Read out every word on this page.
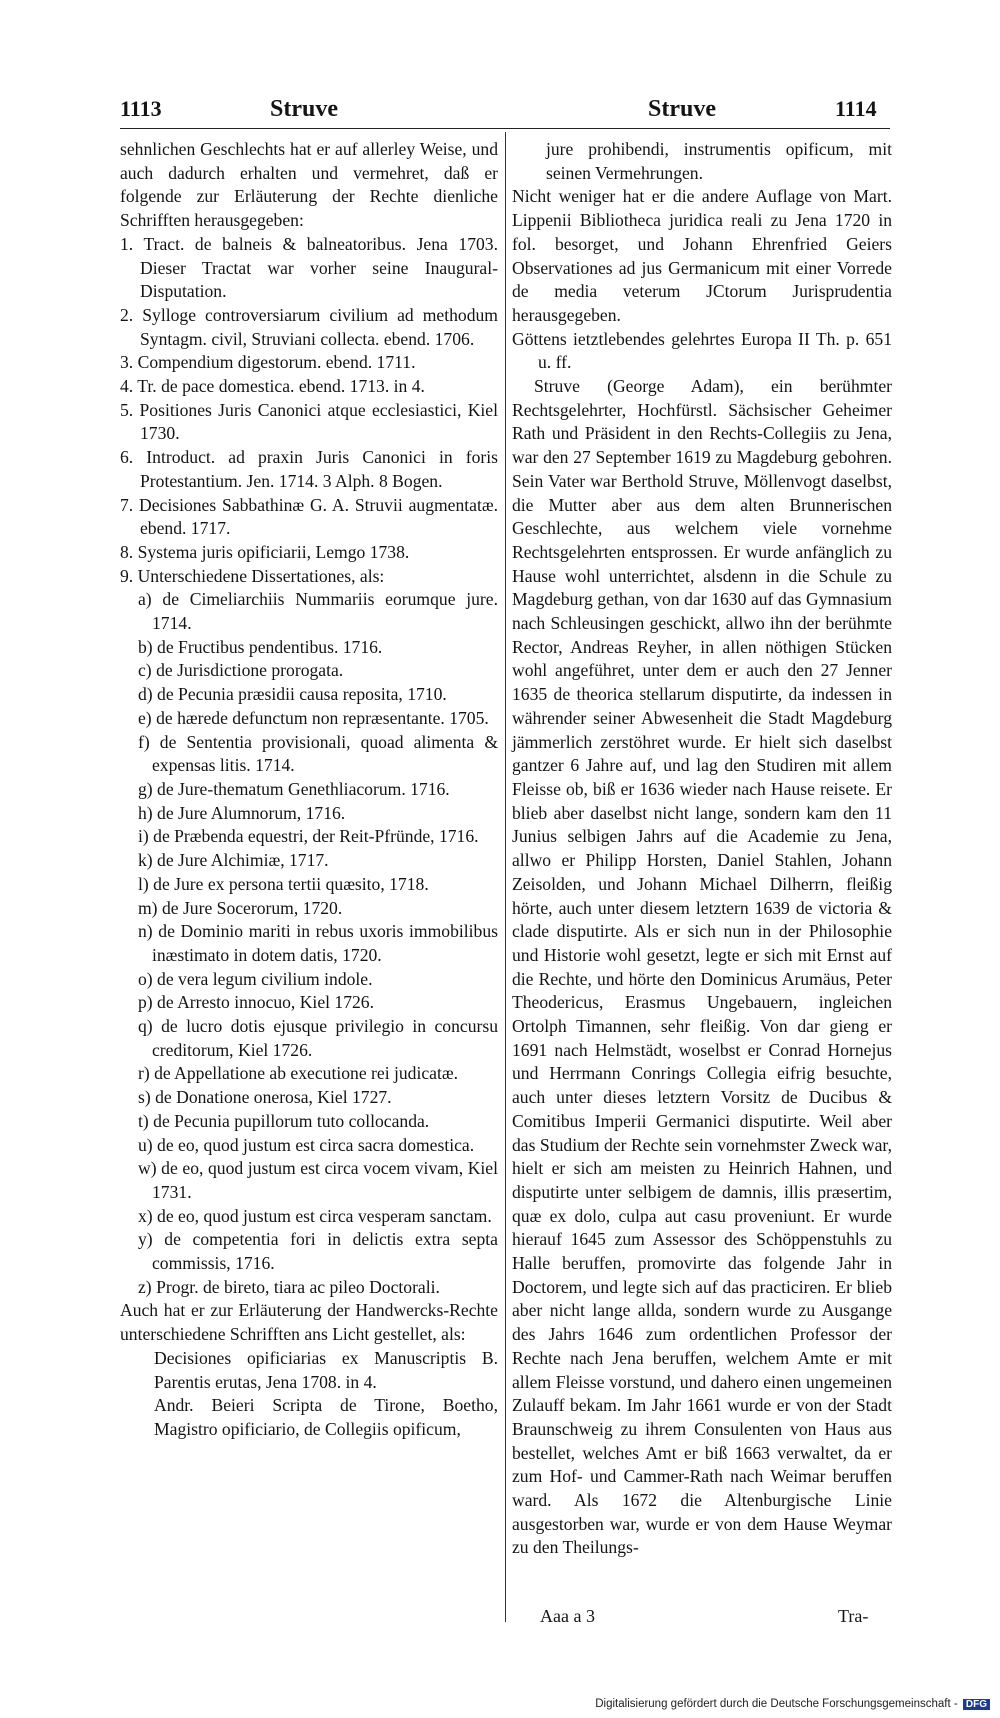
1113	Struve	Struve	1114

sehnlichen Geschlechts hat er auf allerley Weise, und auch dadurch erhalten und vermehret, daß er folgende zur Erläuterung der Rechte dienliche Schrifften herausgegeben:

1. Tract. de balneis & balneatoribus. Jena 1703. Dieser Tractat war vorher seine Inaugural-Disputation.

2. Sylloge controversiarum civilium ad methodum Syntagm. civil, Struviani collecta. ebend. 1706.

3. Compendium digestorum. ebend. 1711.

4. Tr. de pace domestica. ebend. 1713. in 4.

5. Positiones Juris Canonici atque ecclesiastici, Kiel 1730.

6. Introduct. ad praxin Juris Canonici in foris Protestantium. Jen. 1714. 3 Alph. 8 Bogen.

7. Decisiones Sabbathinæ G. A. Struvii augmentatæ. ebend. 1717.

8. Systema juris opificiarii, Lemgo 1738.

9. Unterschiedene Dissertationes, als:

a) de Cimeliarchiis Nummariis eorumque jure. 1714.

b) de Fructibus pendentibus. 1716.

c) de Jurisdictione prorogata.

d) de Pecunia præsidii causa reposita, 1710.

e) de hærede defunctum non repræsentante. 1705.

f) de Sententia provisionali, quoad alimenta & expensas litis. 1714.

g) de Jure-thematum Genethliacorum. 1716.

h) de Jure Alumnorum, 1716.

i) de Præbenda equestri, der Reit-Pfründe, 1716.

k) de Jure Alchimiæ, 1717.

l) de Jure ex persona tertii quæsito, 1718.

m) de Jure Socerorum, 1720.

n) de Dominio mariti in rebus uxoris immobilibus inæstimato in dotem datis, 1720.

o) de vera legum civilium indole.

p) de Arresto innocuo, Kiel 1726.

q) de lucro dotis ejusque privilegio in concursu creditorum, Kiel 1726.

r) de Appellatione ab executione rei judicatæ.

s) de Donatione onerosa, Kiel 1727.

t) de Pecunia pupillorum tuto collocanda.

u) de eo, quod justum est circa sacra domestica.

w) de eo, quod justum est circa vocem vivam, Kiel 1731.

x) de eo, quod justum est circa vesperam sanctam.

y) de competentia fori in delictis extra septa commissis, 1716.

z) Progr. de bireto, tiara ac pileo Doctorali.

Auch hat er zur Erläuterung der Handwercks-Rechte unterschiedene Schrifften ans Licht gestellet, als:

Decisiones opificiarias ex Manuscriptis B. Parentis erutas, Jena 1708. in 4.

Andr. Beieri Scripta de Tirone, Boetho, Magistro opificiario, de Collegiis opificum,

jure prohibendi, instrumentis opificum, mit seinen Vermehrungen.

Nicht weniger hat er die andere Auflage von Mart. Lippenii Bibliotheca juridica reali zu Jena 1720 in fol. besorget, und Johann Ehrenfried Geiers Observationes ad jus Germanicum mit einer Vorrede de media veterum JCtorum Jurisprudentia herausgegeben.

Göttens ietztlebendes gelehrtes Europa II Th. p. 651 u. ff.

Struve (George Adam), ein berühmter Rechtsgelehrter, Hochfürstl. Sächsischer Geheimer Rath und Präsident in den Rechts-Collegiis zu Jena, war den 27 September 1619 zu Magdeburg gebohren. Sein Vater war Berthold Struve, Möllenvogt daselbst, die Mutter aber aus dem alten Brunnerischen Geschlechte, aus welchem viele vornehme Rechtsgelehrten entsprossen. Er wurde anfänglich zu Hause wohl unterrichtet, alsdenn in die Schule zu Magdeburg gethan, von dar 1630 auf das Gymnasium nach Schleusingen geschickt, allwo ihn der berühmte Rector, Andreas Reyher, in allen nöthigen Stücken wohl angeführet, unter dem er auch den 27 Jenner 1635 de theorica stellarum disputirte, da indessen in währender seiner Abwesenheit die Stadt Magdeburg jämmerlich zerstöhret wurde. Er hielt sich daselbst gantzer 6 Jahre auf, und lag den Studiren mit allem Fleisse ob, biß er 1636 wieder nach Hause reisete. Er blieb aber daselbst nicht lange, sondern kam den 11 Junius selbigen Jahrs auf die Academie zu Jena, allwo er Philipp Horsten, Daniel Stahlen, Johann Zeisolden, und Johann Michael Dilherrn, fleißig hörte, auch unter diesem letztern 1639 de victoria & clade disputirte. Als er sich nun in der Philosophie und Historie wohl gesetzt, legte er sich mit Ernst auf die Rechte, und hörte den Dominicus Arumäus, Peter Theodericus, Erasmus Ungebauern, ingleichen Ortolph Timannen, sehr fleißig. Von dar gieng er 1691 nach Helmstädt, woselbst er Conrad Hornejus und Herrmann Conrings Collegia eifrig besuchte, auch unter dieses letztern Vorsitz de Ducibus & Comitibus Imperii Germanici disputirte. Weil aber das Studium der Rechte sein vornehmster Zweck war, hielt er sich am meisten zu Heinrich Hahnen, und disputirte unter selbigem de damnis, illis præsertim, quæ ex dolo, culpa aut casu proveniunt. Er wurde hierauf 1645 zum Assessor des Schöppenstuhls zu Halle beruffen, promovirte das folgende Jahr in Doctorem, und legte sich auf das practiciren. Er blieb aber nicht lange allda, sondern wurde zu Ausgange des Jahrs 1646 zum ordentlichen Professor der Rechte nach Jena beruffen, welchem Amte er mit allem Fleisse vorstund, und dahero einen ungemeinen Zulauff bekam. Im Jahr 1661 wurde er von der Stadt Braunschweig zu ihrem Consulenten von Haus aus bestellet, welches Amt er biß 1663 verwaltet, da er zum Hof- und Cammer-Rath nach Weimar beruffen ward. Als 1672 die Altenburgische Linie ausgestorben war, wurde er von dem Hause Weymar zu den Theilungs-

Aaa a 3	Tra-
Digitalisierung gefördert durch die Deutsche Forschungsgemeinschaft - DFG
